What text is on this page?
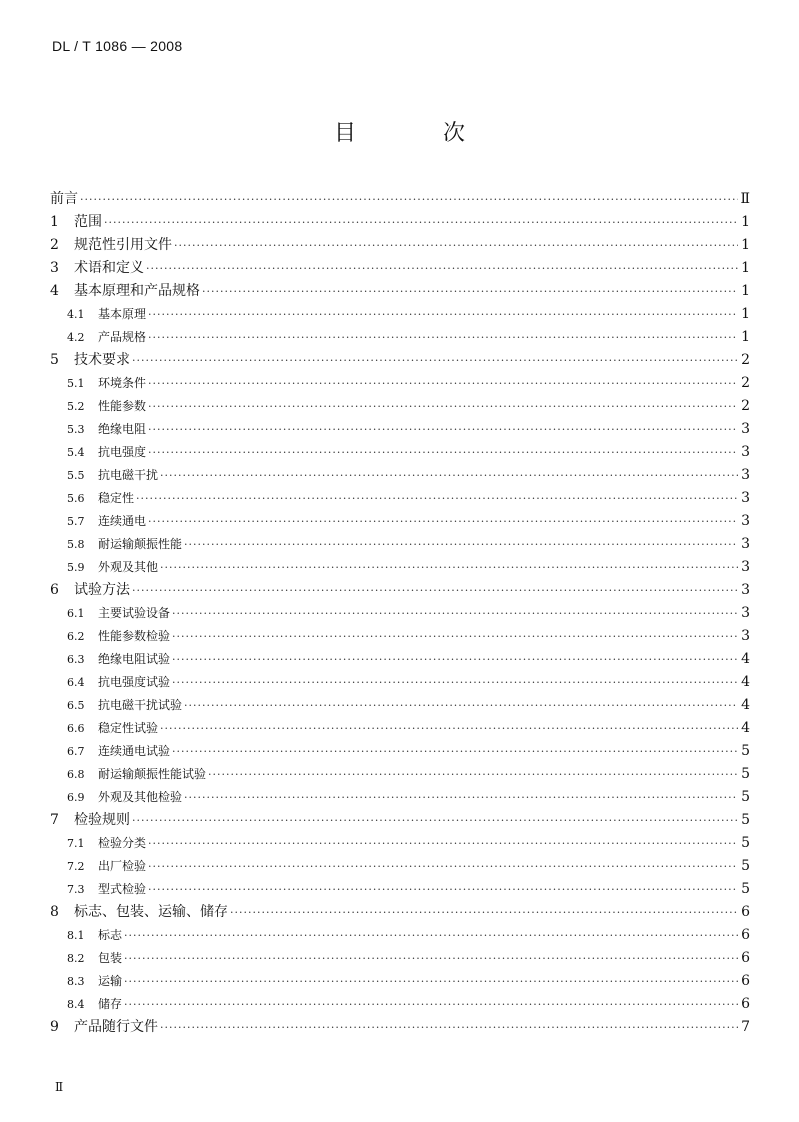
DL / T 1086 — 2008
目 次
前言 ·····	Ⅱ
1	范围 ·····	1
2	规范性引用文件 ·····	1
3	术语和定义 ·····	1
4	基本原理和产品规格 ·····	1
4.1	基本原理 ·····	1
4.2	产品规格 ·····	1
5	技术要求 ·····	2
5.1	环境条件 ·····	2
5.2	性能参数 ·····	2
5.3	绝缘电阻 ·····	3
5.4	抗电强度 ·····	3
5.5	抗电磁干扰 ·····	3
5.6	稳定性 ·····	3
5.7	连续通电 ·····	3
5.8	耐运输颠振性能 ·····	3
5.9	外观及其他 ·····	3
6	试验方法 ·····	3
6.1	主要试验设备 ·····	3
6.2	性能参数检验 ·····	3
6.3	绝缘电阻试验 ·····	4
6.4	抗电强度试验 ·····	4
6.5	抗电磁干扰试验 ·····	4
6.6	稳定性试验 ·····	4
6.7	连续通电试验 ·····	5
6.8	耐运输颠振性能试验 ·····	5
6.9	外观及其他检验 ·····	5
7	检验规则 ·····	5
7.1	检验分类 ·····	5
7.2	出厂检验 ·····	5
7.3	型式检验 ·····	5
8	标志、包装、运输、储存 ·····	6
8.1	标志 ·····	6
8.2	包装 ·····	6
8.3	运输 ·····	6
8.4	储存 ·····	6
9	产品随行文件 ·····	7
Ⅱ
